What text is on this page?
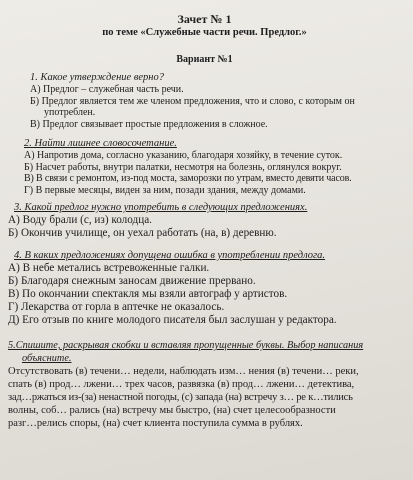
Зачет № 1
по теме «Служебные части речи. Предлог.»
Вариант №1
1. Какое утверждение верно?
А) Предлог – служебная часть речи.
Б) Предлог является тем же членом предложения, что и слово, с которым он
употреблен.
В) Предлог связывает простые предложения в сложное.
2. Найти лишнее словосочетание.
А) Напротив дома, согласно указанию, благодаря хозяйку, в течение суток.
Б) Насчет работы, внутри палатки, несмотря на болезнь, оглянулся вокруг.
В) В связи с ремонтом, из-под моста, заморозки по утрам, вместо девяти часов.
Г) В первые месяцы, виден за ним, позади здания, между домами.
3. Какой предлог нужно употребить в следующих предложениях.
А) Воду брали (с, из) колодца.
Б) Окончив училище, он уехал работать (на, в) деревню.
4. В каких предложениях допущена ошибка в употреблении предлога.
А) В небе метались встревоженные галки.
Б) Благодаря снежным заносам движение прервано.
В) По окончании спектакля мы взяли автограф у артистов.
Г) Лекарства от горла в аптечке не оказалось.
Д) Его отзыв по книге молодого писателя был заслушан у редактора.
5.Спишите, раскрывая скобки и вставляя пропущенные буквы. Выбор написания
объясните.
Отсутствовать (в) течени… недели, наблюдать изм… нения (в) течени… реки,
спать (в) прод… лжени… трех часов, развязка (в) прод… лжени… детектива,
зад…ржаться из-(за) ненастной погоды, (с) запада (на) встречу з… ре к…тились
волны, соб… рались (на) встречу мы быстро, (на) счет целесообразности
разг…релись споры, (на) счет клиента поступила сумма в рублях.
